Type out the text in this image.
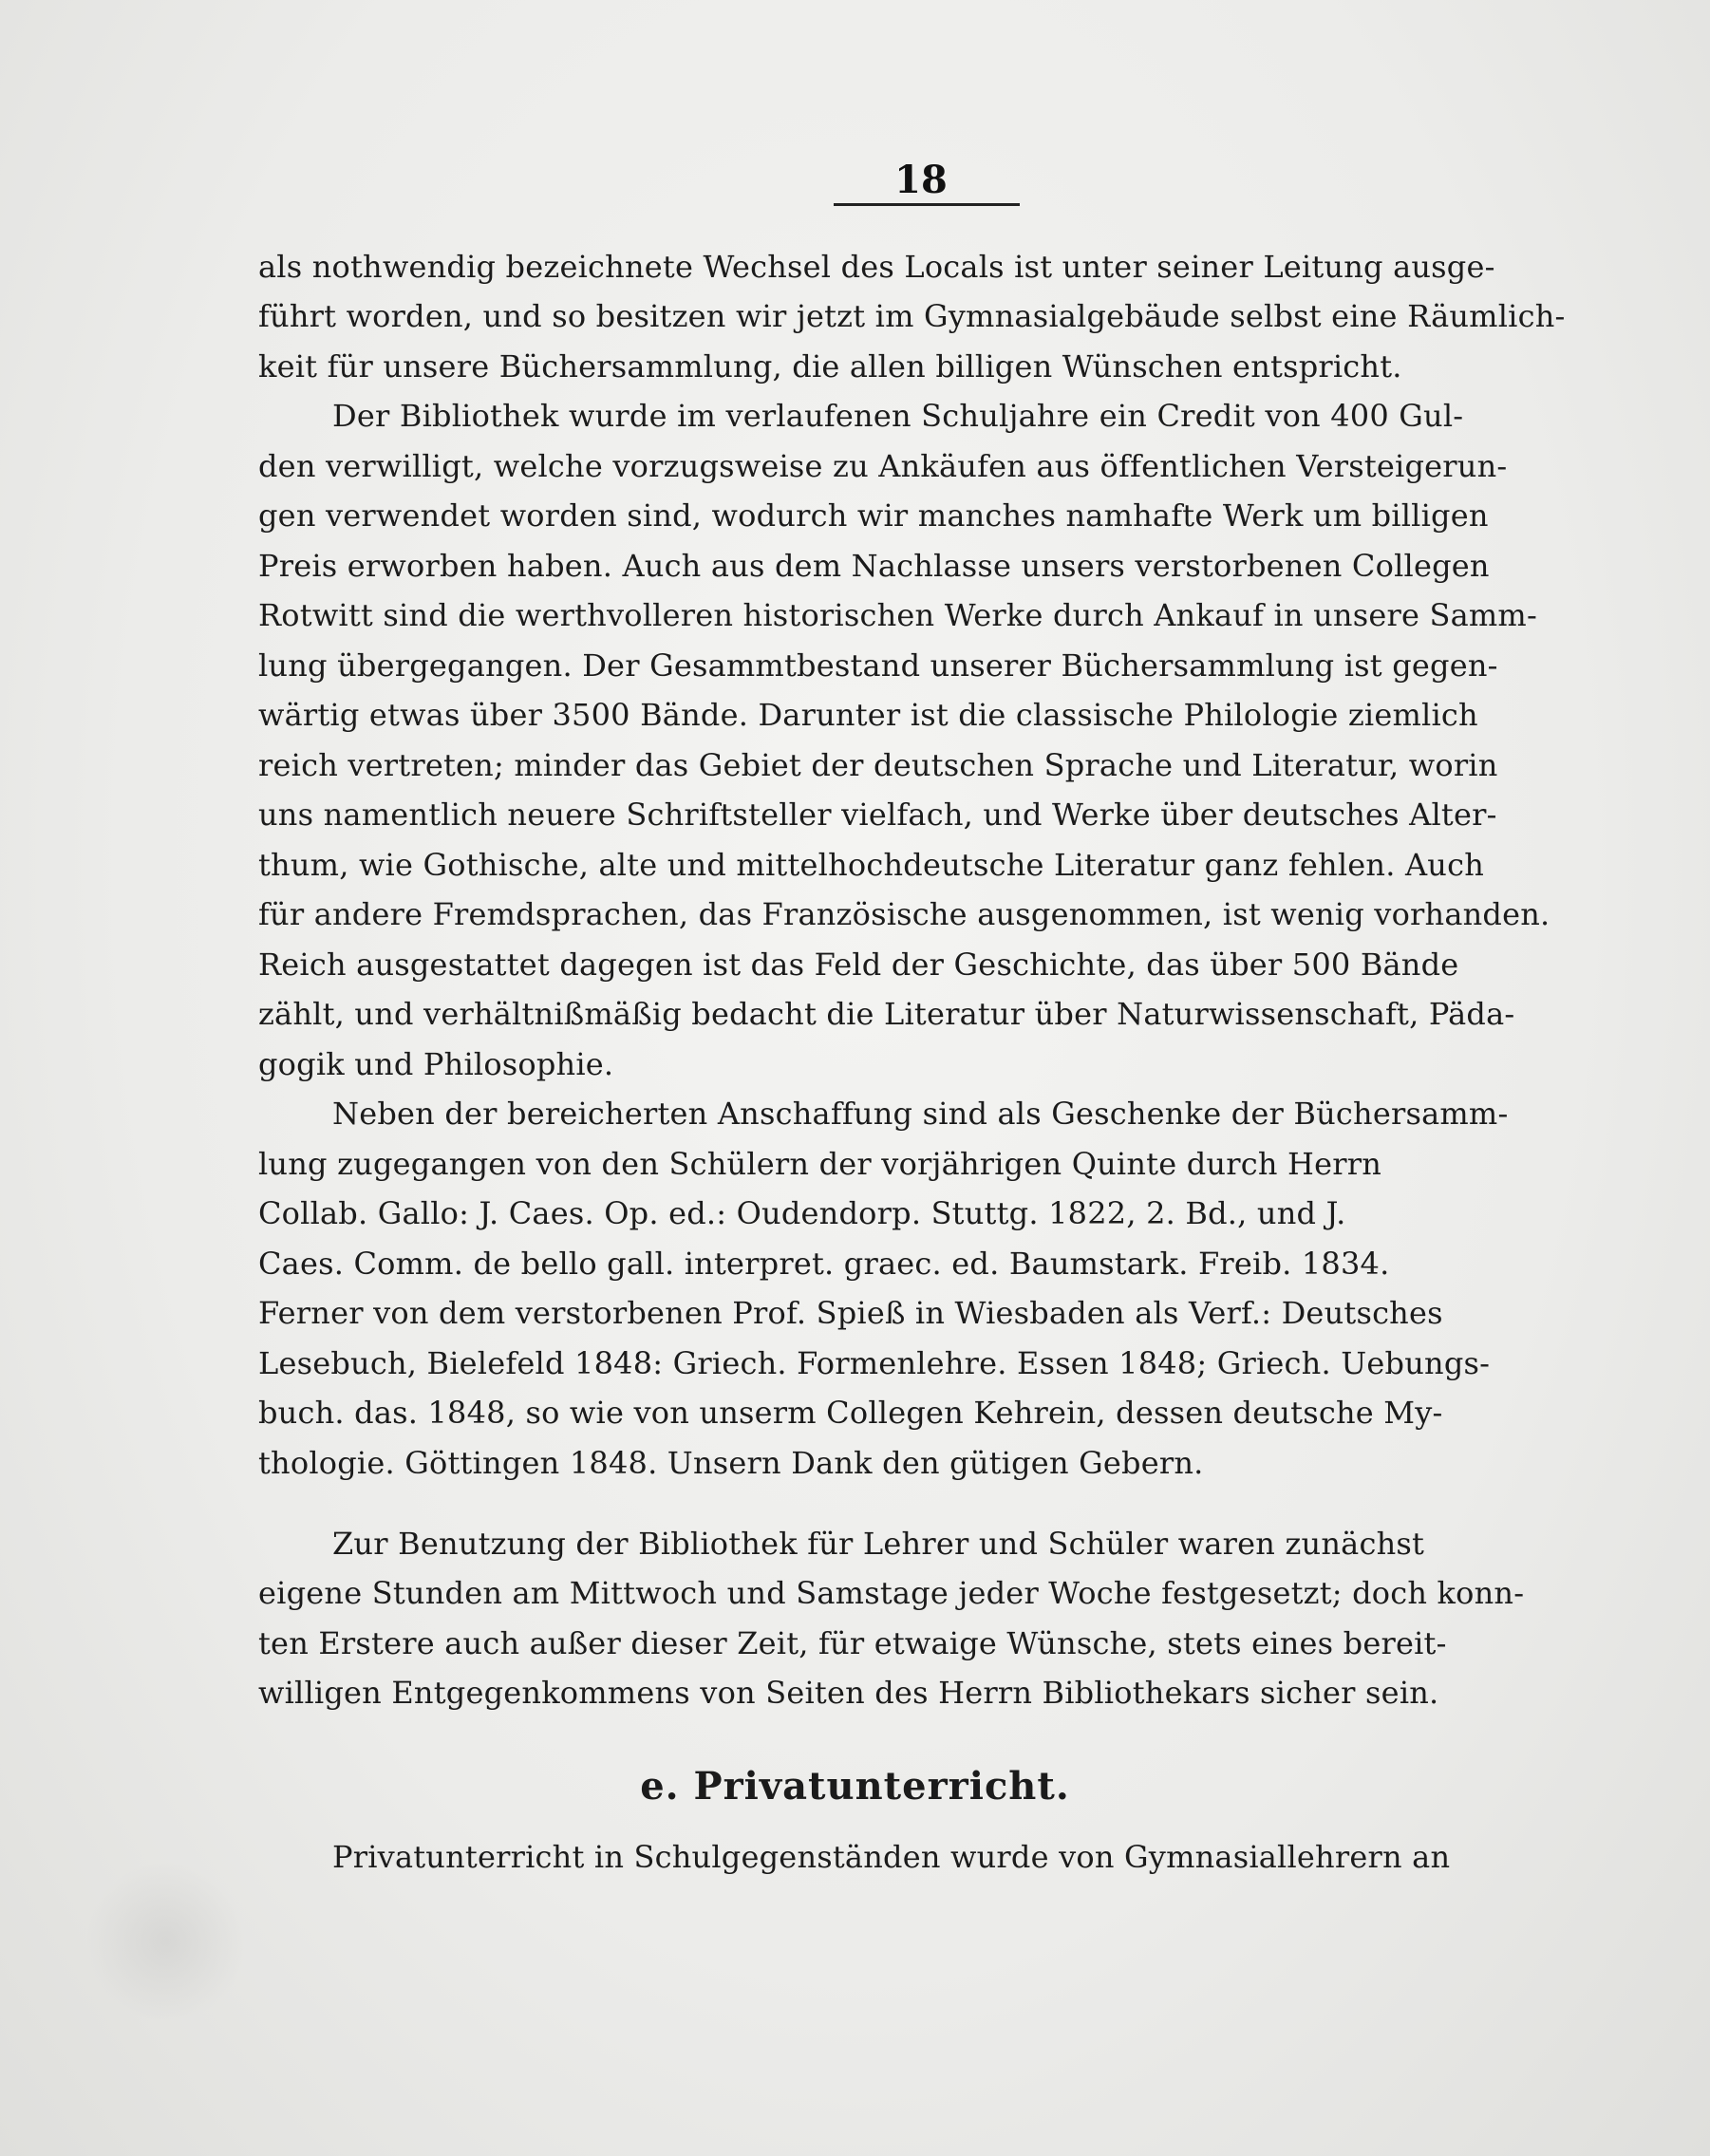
18
als nothwendig bezeichnete Wechsel des Locals ist unter seiner Leitung ausge-
führt worden, und so besitzen wir jetzt im Gymnasialgebäude selbst eine Räumlich-
keit für unsere Büchersammlung, die allen billigen Wünschen entspricht.
Der Bibliothek wurde im verlaufenen Schuljahre ein Credit von 400 Gul-
den verwilligt, welche vorzugsweise zu Ankäufen aus öffentlichen Versteigerun-
gen verwendet worden sind, wodurch wir manches namhafte Werk um billigen
Preis erworben haben. Auch aus dem Nachlasse unsers verstorbenen Collegen
Rotwitt sind die werthvolleren historischen Werke durch Ankauf in unsere Samm-
lung übergegangen. Der Gesammtbestand unserer Büchersammlung ist gegen-
wärtig etwas über 3500 Bände. Darunter ist die classische Philologie ziemlich
reich vertreten; minder das Gebiet der deutschen Sprache und Literatur, worin
uns namentlich neuere Schriftsteller vielfach, und Werke über deutsches Alter-
thum, wie Gothische, alte und mittelhochdeutsche Literatur ganz fehlen. Auch
für andere Fremdsprachen, das Französische ausgenommen, ist wenig vorhanden.
Reich ausgestattet dagegen ist das Feld der Geschichte, das über 500 Bände
zählt, und verhältnißmäßig bedacht die Literatur über Naturwissenschaft, Päda-
gogik und Philosophie.
Neben der bereicherten Anschaffung sind als Geschenke der Büchersamm-
lung zugegangen von den Schülern der vorjährigen Quinte durch Herrn
Collab. Gallo: J. Caes. Op. ed.: Oudendorp. Stuttg. 1822, 2. Bd., und J.
Caes. Comm. de bello gall. interpret. graec. ed. Baumstark. Freib. 1834.
Ferner von dem verstorbenen Prof. Spieß in Wiesbaden als Verf.: Deutsches
Lesebuch, Bielefeld 1848: Griech. Formenlehre. Essen 1848; Griech. Uebungs-
buch. das. 1848, so wie von unserm Collegen Kehrein, dessen deutsche My-
thologie. Göttingen 1848. Unsern Dank den gütigen Gebern.
Zur Benutzung der Bibliothek für Lehrer und Schüler waren zunächst
eigene Stunden am Mittwoch und Samstage jeder Woche festgesetzt; doch konn-
ten Erstere auch außer dieser Zeit, für etwaige Wünsche, stets eines bereit-
willigen Entgegenkommens von Seiten des Herrn Bibliothekars sicher sein.
e. Privatunterricht.
Privatunterricht in Schulgegenständen wurde von Gymnasiallehrern an
